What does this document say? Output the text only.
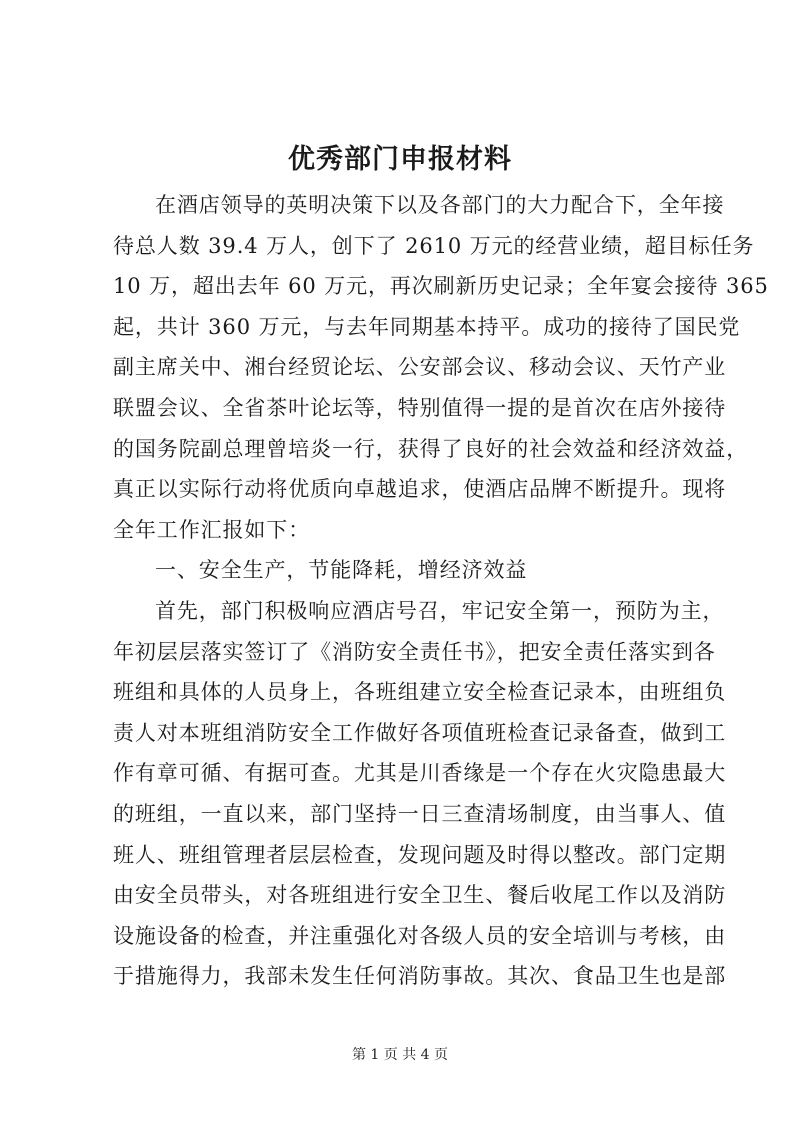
优秀部门申报材料
在酒店领导的英明决策下以及各部门的大力配合下，全年接
待总人数 39.4 万人，创下了 2610 万元的经营业绩，超目标任务
10 万，超出去年 60 万元，再次刷新历史记录；全年宴会接待 365
起，共计 360 万元，与去年同期基本持平。成功的接待了国民党
副主席关中、湘台经贸论坛、公安部会议、移动会议、天竹产业
联盟会议、全省茶叶论坛等，特别值得一提的是首次在店外接待
的国务院副总理曾培炎一行，获得了良好的社会效益和经济效益，
真正以实际行动将优质向卓越追求，使酒店品牌不断提升。现将
全年工作汇报如下：
一、安全生产，节能降耗，增经济效益
首先，部门积极响应酒店号召，牢记安全第一，预防为主，
年初层层落实签订了《消防安全责任书》，把安全责任落实到各
班组和具体的人员身上，各班组建立安全检查记录本，由班组负
责人对本班组消防安全工作做好各项值班检查记录备查，做到工
作有章可循、有据可查。尤其是川香缘是一个存在火灾隐患最大
的班组，一直以来，部门坚持一日三查清场制度，由当事人、值
班人、班组管理者层层检查，发现问题及时得以整改。部门定期
由安全员带头，对各班组进行安全卫生、餐后收尾工作以及消防
设施设备的检查，并注重强化对各级人员的安全培训与考核，由
于措施得力，我部未发生任何消防事故。其次、食品卫生也是部
第 1 页 共 4 页
